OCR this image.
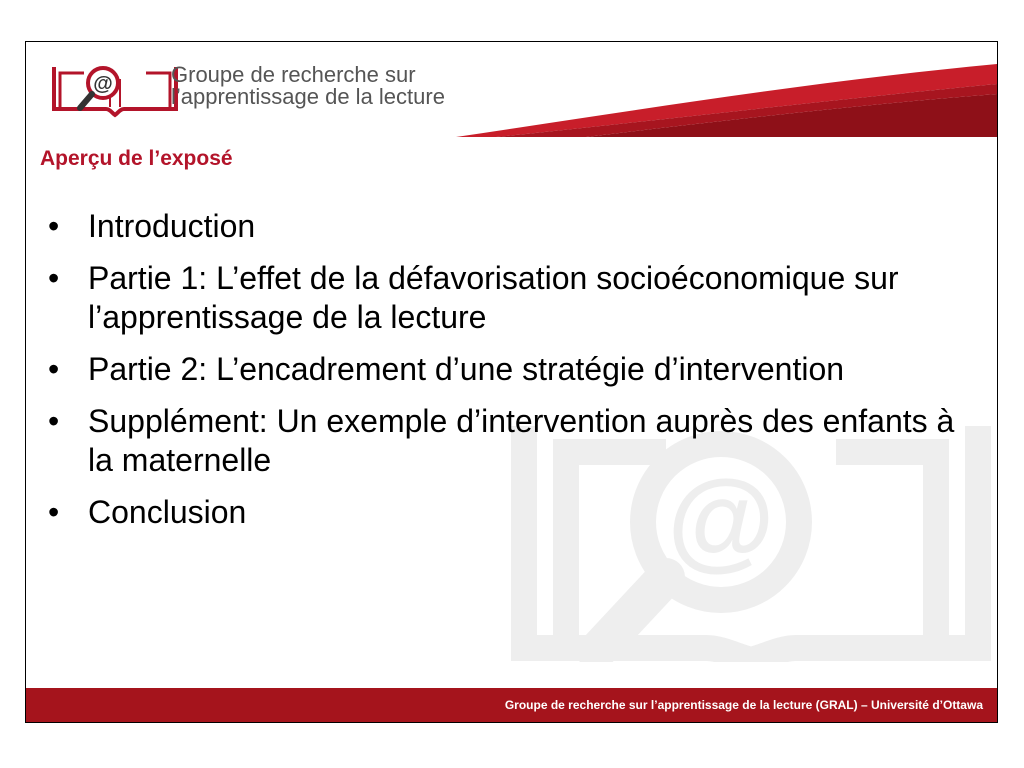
@	Groupe de recherche sur
l’apprentissage de la lecture
Aperçu de l’exposé
@
• Introduction
• Partie 1: L’effet de la défavorisation socioéconomique sur l’apprentissage de la lecture
• Partie 2: L’encadrement d’une stratégie d’intervention
• Supplément: Un exemple d’intervention auprès des enfants à la maternelle
• Conclusion
Groupe de recherche sur l’apprentissage de la lecture (GRAL) – Université d’Ottawa
